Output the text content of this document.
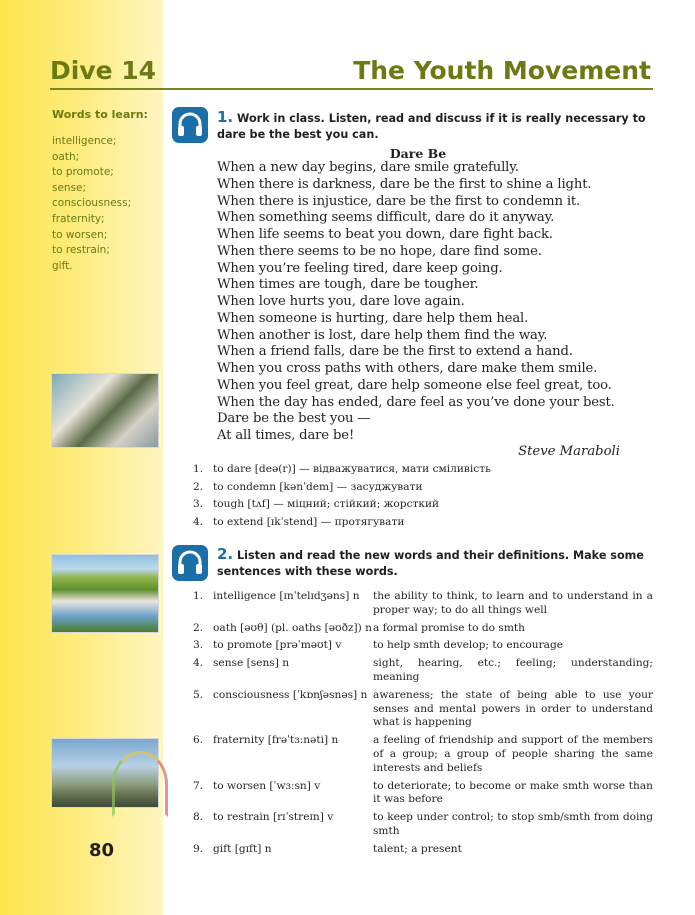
Dive 14	The Youth Movement
Words to learn:
intelligence;
oath;
to promote;
sense;
consciousness;
fraternity;
to worsen;
to restrain;
gift.
80
1. Work in class. Listen, read and discuss if it is really necessary to dare be the best you can.
Dare Be
When a new day begins, dare smile gratefully.
When there is darkness, dare be the first to shine a light.
When there is injustice, dare be the first to condemn it.
When something seems difficult, dare do it anyway.
When life seems to beat you down, dare fight back.
When there seems to be no hope, dare find some.
When you’re feeling tired, dare keep going.
When times are tough, dare be tougher.
When love hurts you, dare love again.
When someone is hurting, dare help them heal.
When another is lost, dare help them find the way.
When a friend falls, dare be the first to extend a hand.
When you cross paths with others, dare make them smile.
When you feel great, dare help someone else feel great, too.
When the day has ended, dare feel as you’ve done your best.
Dare be the best you —
At all times, dare be!
Steve Maraboli
1. to dare [deə(r)] — відважуватися, мати сміливість
2. to condemn [kənˈdem] — засуджувати
3. tough [tʌf] — міцний; стійкий; жорсткий
4. to extend [ɪkˈstend] — протягувати
2. Listen and read the new words and their definitions. Make some sentences with these words.
1.	intelligence [ɪnˈtelɪdʒəns] n	the ability to think, to learn and to understand in a proper way; to do all things well
2.	oath [əʊθ] (pl. oaths [əʊðz]) n	a formal promise to do smth
3.	to promote [prəˈməʊt] v	to help smth develop; to encourage
4.	sense [sens] n	sight, hearing, etc.; feeling; understanding; meaning
5.	consciousness [ˈkɒnʃəsnəs] n	awareness; the state of being able to use your senses and mental powers in order to understand what is happening
6.	fraternity [frəˈtɜːnəti] n	a feeling of friendship and support of the members of a group; a group of people sharing the same interests and beliefs
7.	to worsen [ˈwɜːsn] v	to deteriorate; to become or make smth worse than it was before
8.	to restrain [rɪˈstreɪn] v	to keep under control; to stop smb/smth from doing smth
9.	gift [gɪft] n	talent; a present
